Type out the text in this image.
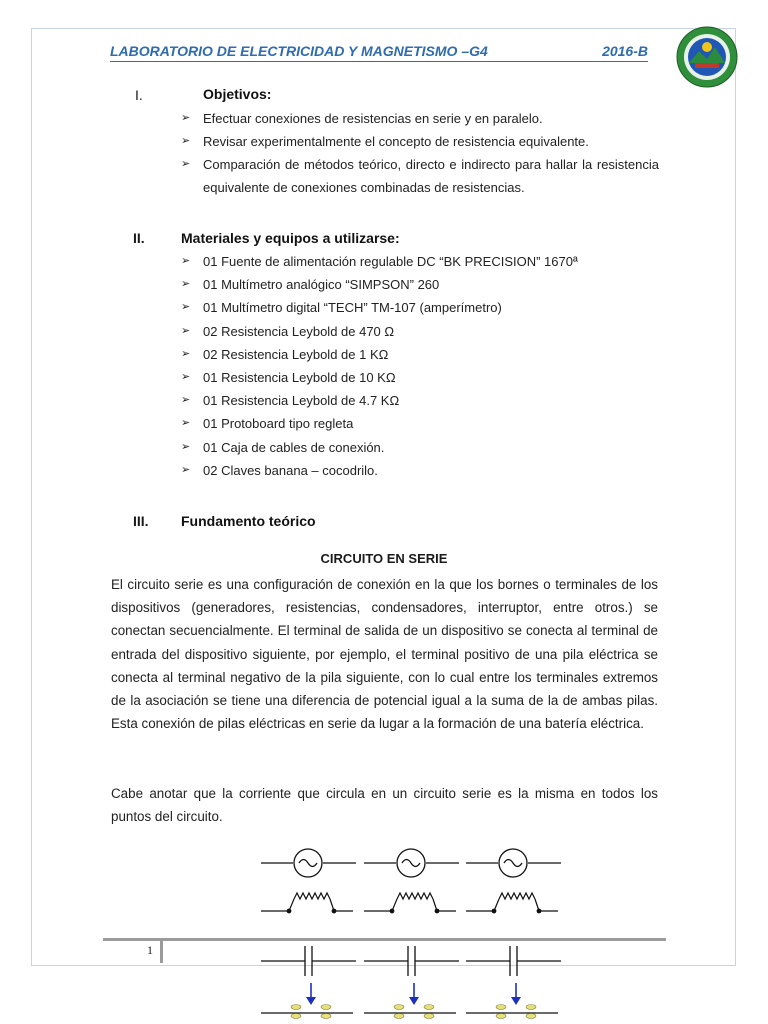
LABORATORIO DE ELECTRICIDAD Y MAGNETISMO –G4	2016-B
I.	Objetivos:
➢ Efectuar conexiones de resistencias en serie y en paralelo.
➢ Revisar experimentalmente el concepto de resistencia equivalente.
➢ Comparación de métodos teórico, directo e indirecto para hallar la resistencia equivalente de conexiones combinadas de resistencias.
II.	Materiales y equipos a utilizarse:
➢ 01 Fuente de alimentación regulable DC “BK PRECISION” 1670ª
➢ 01 Multímetro analógico “SIMPSON” 260
➢ 01 Multímetro digital “TECH” TM-107 (amperímetro)
➢ 02 Resistencia Leybold de 470 Ω
➢ 02 Resistencia Leybold de 1 KΩ
➢ 01 Resistencia Leybold de 10 KΩ
➢ 01 Resistencia Leybold de 4.7 KΩ
➢ 01 Protoboard tipo regleta
➢ 01 Caja de cables de conexión.
➢ 02 Claves banana – cocodrilo.
III. Fundamento teórico
CIRCUITO EN SERIE

El circuito serie es una configuración de conexión en la que los bornes o terminales de los dispositivos (generadores, resistencias, condensadores, interruptor, entre otros.) se conectan secuencialmente. El terminal de salida de un dispositivo se conecta al terminal de entrada del dispositivo siguiente, por ejemplo, el terminal positivo de una pila eléctrica se conecta al terminal negativo de la pila siguiente, con lo cual entre los terminales extremos de la asociación se tiene una diferencia de potencial igual a la suma de la de ambas pilas. Esta conexión de pilas eléctricas en serie da lugar a la formación de una batería eléctrica.

Cabe anotar que la corriente que circula en un circuito serie es la misma en todos los puntos del circuito.

1
